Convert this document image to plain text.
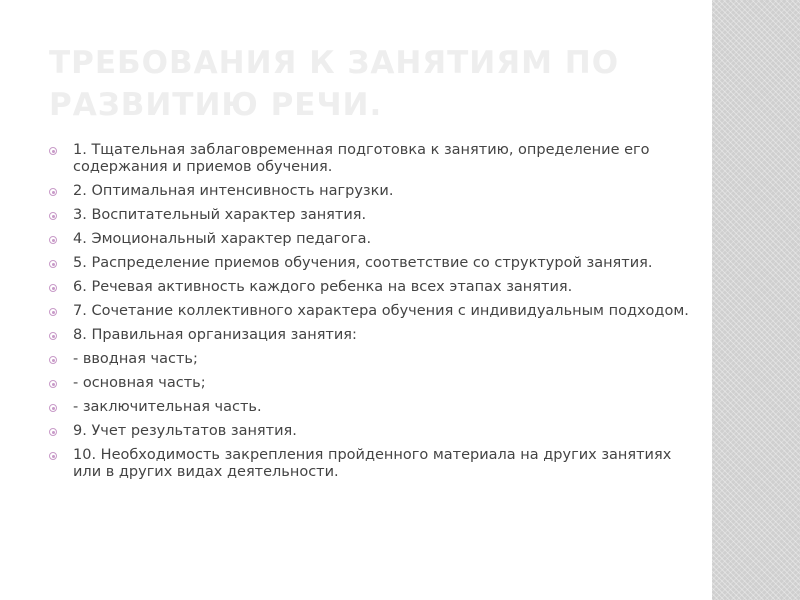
ТРЕБОВАНИЯ К ЗАНЯТИЯМ ПО РАЗВИТИЮ РЕЧИ.
1. Тщательная заблаговременная подготовка к занятию, определение его содержания и приемов обучения.
2. Оптимальная интенсивность нагрузки.
3. Воспитательный характер занятия.
4. Эмоциональный характер педагога.
5. Распределение приемов обучения, соответствие со структурой занятия.
6. Речевая активность каждого ребенка на всех этапах занятия.
7. Сочетание коллективного характера обучения с индивидуальным подходом.
8. Правильная организация занятия:
- вводная часть;
- основная часть;
- заключительная часть.
9. Учет результатов занятия.
10. Необходимость закрепления пройденного материала на других занятиях или в других видах деятельности.
